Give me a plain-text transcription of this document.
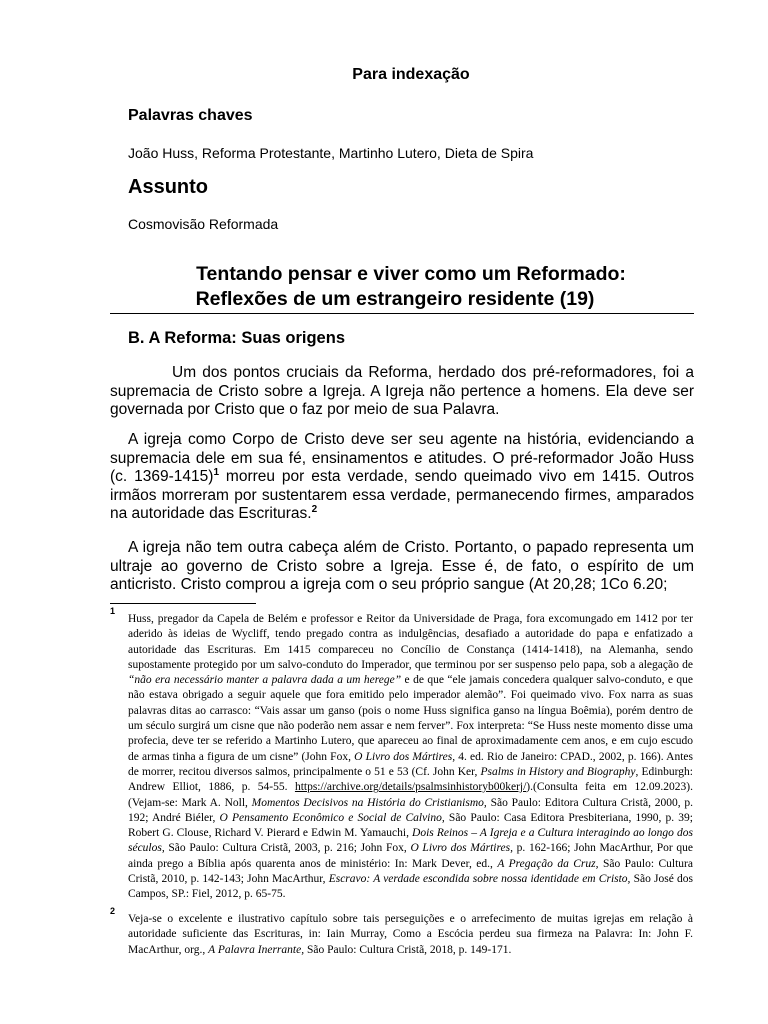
Para indexação
Palavras chaves
João Huss, Reforma Protestante, Martinho Lutero, Dieta de Spira
Assunto
Cosmovisão Reformada
Tentando pensar e viver como um Reformado:
Reflexões de um estrangeiro residente (19)
B. A Reforma: Suas origens
Um dos pontos cruciais da Reforma, herdado dos pré-reformadores, foi a supremacia de Cristo sobre a Igreja. A Igreja não pertence a homens. Ela deve ser governada por Cristo que o faz por meio de sua Palavra.
A igreja como Corpo de Cristo deve ser seu agente na história, evidenciando a supremacia dele em sua fé, ensinamentos e atitudes. O pré-reformador João Huss (c. 1369-1415)$^1$ morreu por esta verdade, sendo queimado vivo em 1415. Outros irmãos morreram por sustentarem essa verdade, permanecendo firmes, amparados na autoridade das Escrituras.$^2$
A igreja não tem outra cabeça além de Cristo. Portanto, o papado representa um ultraje ao governo de Cristo sobre a Igreja. Esse é, de fato, o espírito de um anticristo. Cristo comprou a igreja com o seu próprio sangue (At 20,28; 1Co 6.20;
1
Huss, pregador da Capela de Belém e professor e Reitor da Universidade de Praga, fora excomungado em 1412 por ter aderido às ideias de Wycliff, tendo pregado contra as indulgências, desafiado a autoridade do papa e enfatizado a autoridade das Escrituras. Em 1415 compareceu no Concílio de Constança (1414-1418), na Alemanha, sendo supostamente protegido por um salvo-conduto do Imperador, que terminou por ser suspenso pelo papa, sob a alegação de “não era necessário manter a palavra dada a um herege” e de que “ele jamais concedera qualquer salvo-conduto, e que não estava obrigado a seguir aquele que fora emitido pelo imperador alemão”. Foi queimado vivo. Fox narra as suas palavras ditas ao carrasco: “Vais assar um ganso (pois o nome Huss significa ganso na língua Boêmia), porém dentro de um século surgirá um cisne que não poderão nem assar e nem ferver”. Fox interpreta: “Se Huss neste momento disse uma profecia, deve ter se referido a Martinho Lutero, que apareceu ao final de aproximadamente cem anos, e em cujo escudo de armas tinha a figura de um cisne” (John Fox, O Livro dos Mártires, 4. ed. Rio de Janeiro: CPAD., 2002, p. 166). Antes de morrer, recitou diversos salmos, principalmente o 51 e 53 (Cf. John Ker, Psalms in History and Biography, Edinburgh: Andrew Elliot, 1886, p. 54-55. https://archive.org/details/psalmsinhistoryb00kerj/).(Consulta feita em 12.09.2023). (Vejam-se: Mark A. Noll, Momentos Decisivos na História do Cristianismo, São Paulo: Editora Cultura Cristã, 2000, p. 192; André Biéler, O Pensamento Econômico e Social de Calvino, São Paulo: Casa Editora Presbiteriana, 1990, p. 39; Robert G. Clouse, Richard V. Pierard e Edwin M. Yamauchi, Dois Reinos – A Igreja e a Cultura interagindo ao longo dos séculos, São Paulo: Cultura Cristã, 2003, p. 216; John Fox, O Livro dos Mártires, p. 162-166; John MacArthur, Por que ainda prego a Bíblia após quarenta anos de ministério: In: Mark Dever, ed., A Pregação da Cruz, São Paulo: Cultura Cristã, 2010, p. 142-143; John MacArthur, Escravo: A verdade escondida sobre nossa identidade em Cristo, São José dos Campos, SP.: Fiel, 2012, p. 65-75.
2
Veja-se o excelente e ilustrativo capítulo sobre tais perseguições e o arrefecimento de muitas igrejas em relação à autoridade suficiente das Escrituras, in: Iain Murray, Como a Escócia perdeu sua firmeza na Palavra: In: John F. MacArthur, org., A Palavra Inerrante, São Paulo: Cultura Cristã, 2018, p. 149-171.
